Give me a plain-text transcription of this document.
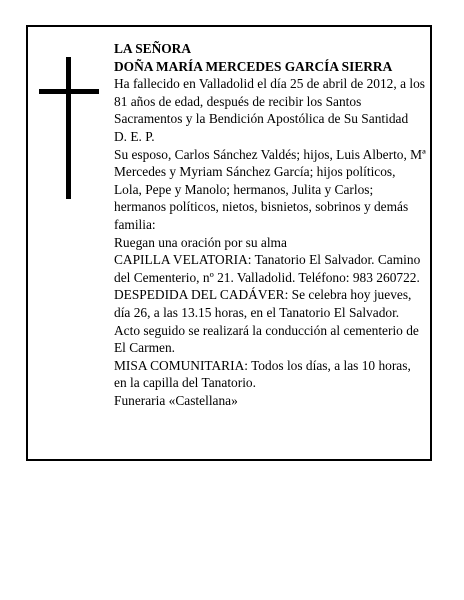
LA SEÑORA

DOÑA MARÍA MERCEDES GARCÍA SIERRA

Ha fallecido en Valladolid el día 25 de abril de 2012, a los 81 años de edad, después de recibir los Santos Sacramentos y la Bendición Apostólica de Su Santidad

D. E. P.

Su esposo, Carlos Sánchez Valdés; hijos, Luis Alberto, Mª Mercedes y Myriam Sánchez García; hijos políticos, Lola, Pepe y Manolo; hermanos, Julita y Carlos; hermanos políticos, nietos, bisnietos, sobrinos y demás familia:

Ruegan una oración por su alma

CAPILLA VELATORIA: Tanatorio El Salvador. Camino del Cementerio, nº 21. Valladolid. Teléfono: 983 260722.

DESPEDIDA DEL CADÁVER: Se celebra hoy jueves, día 26, a las 13.15 horas, en el Tanatorio El Salvador. Acto seguido se realizará la conducción al cementerio de El Carmen.

MISA COMUNITARIA: Todos los días, a las 10 horas, en la capilla del Tanatorio.

Funeraria «Castellana»
